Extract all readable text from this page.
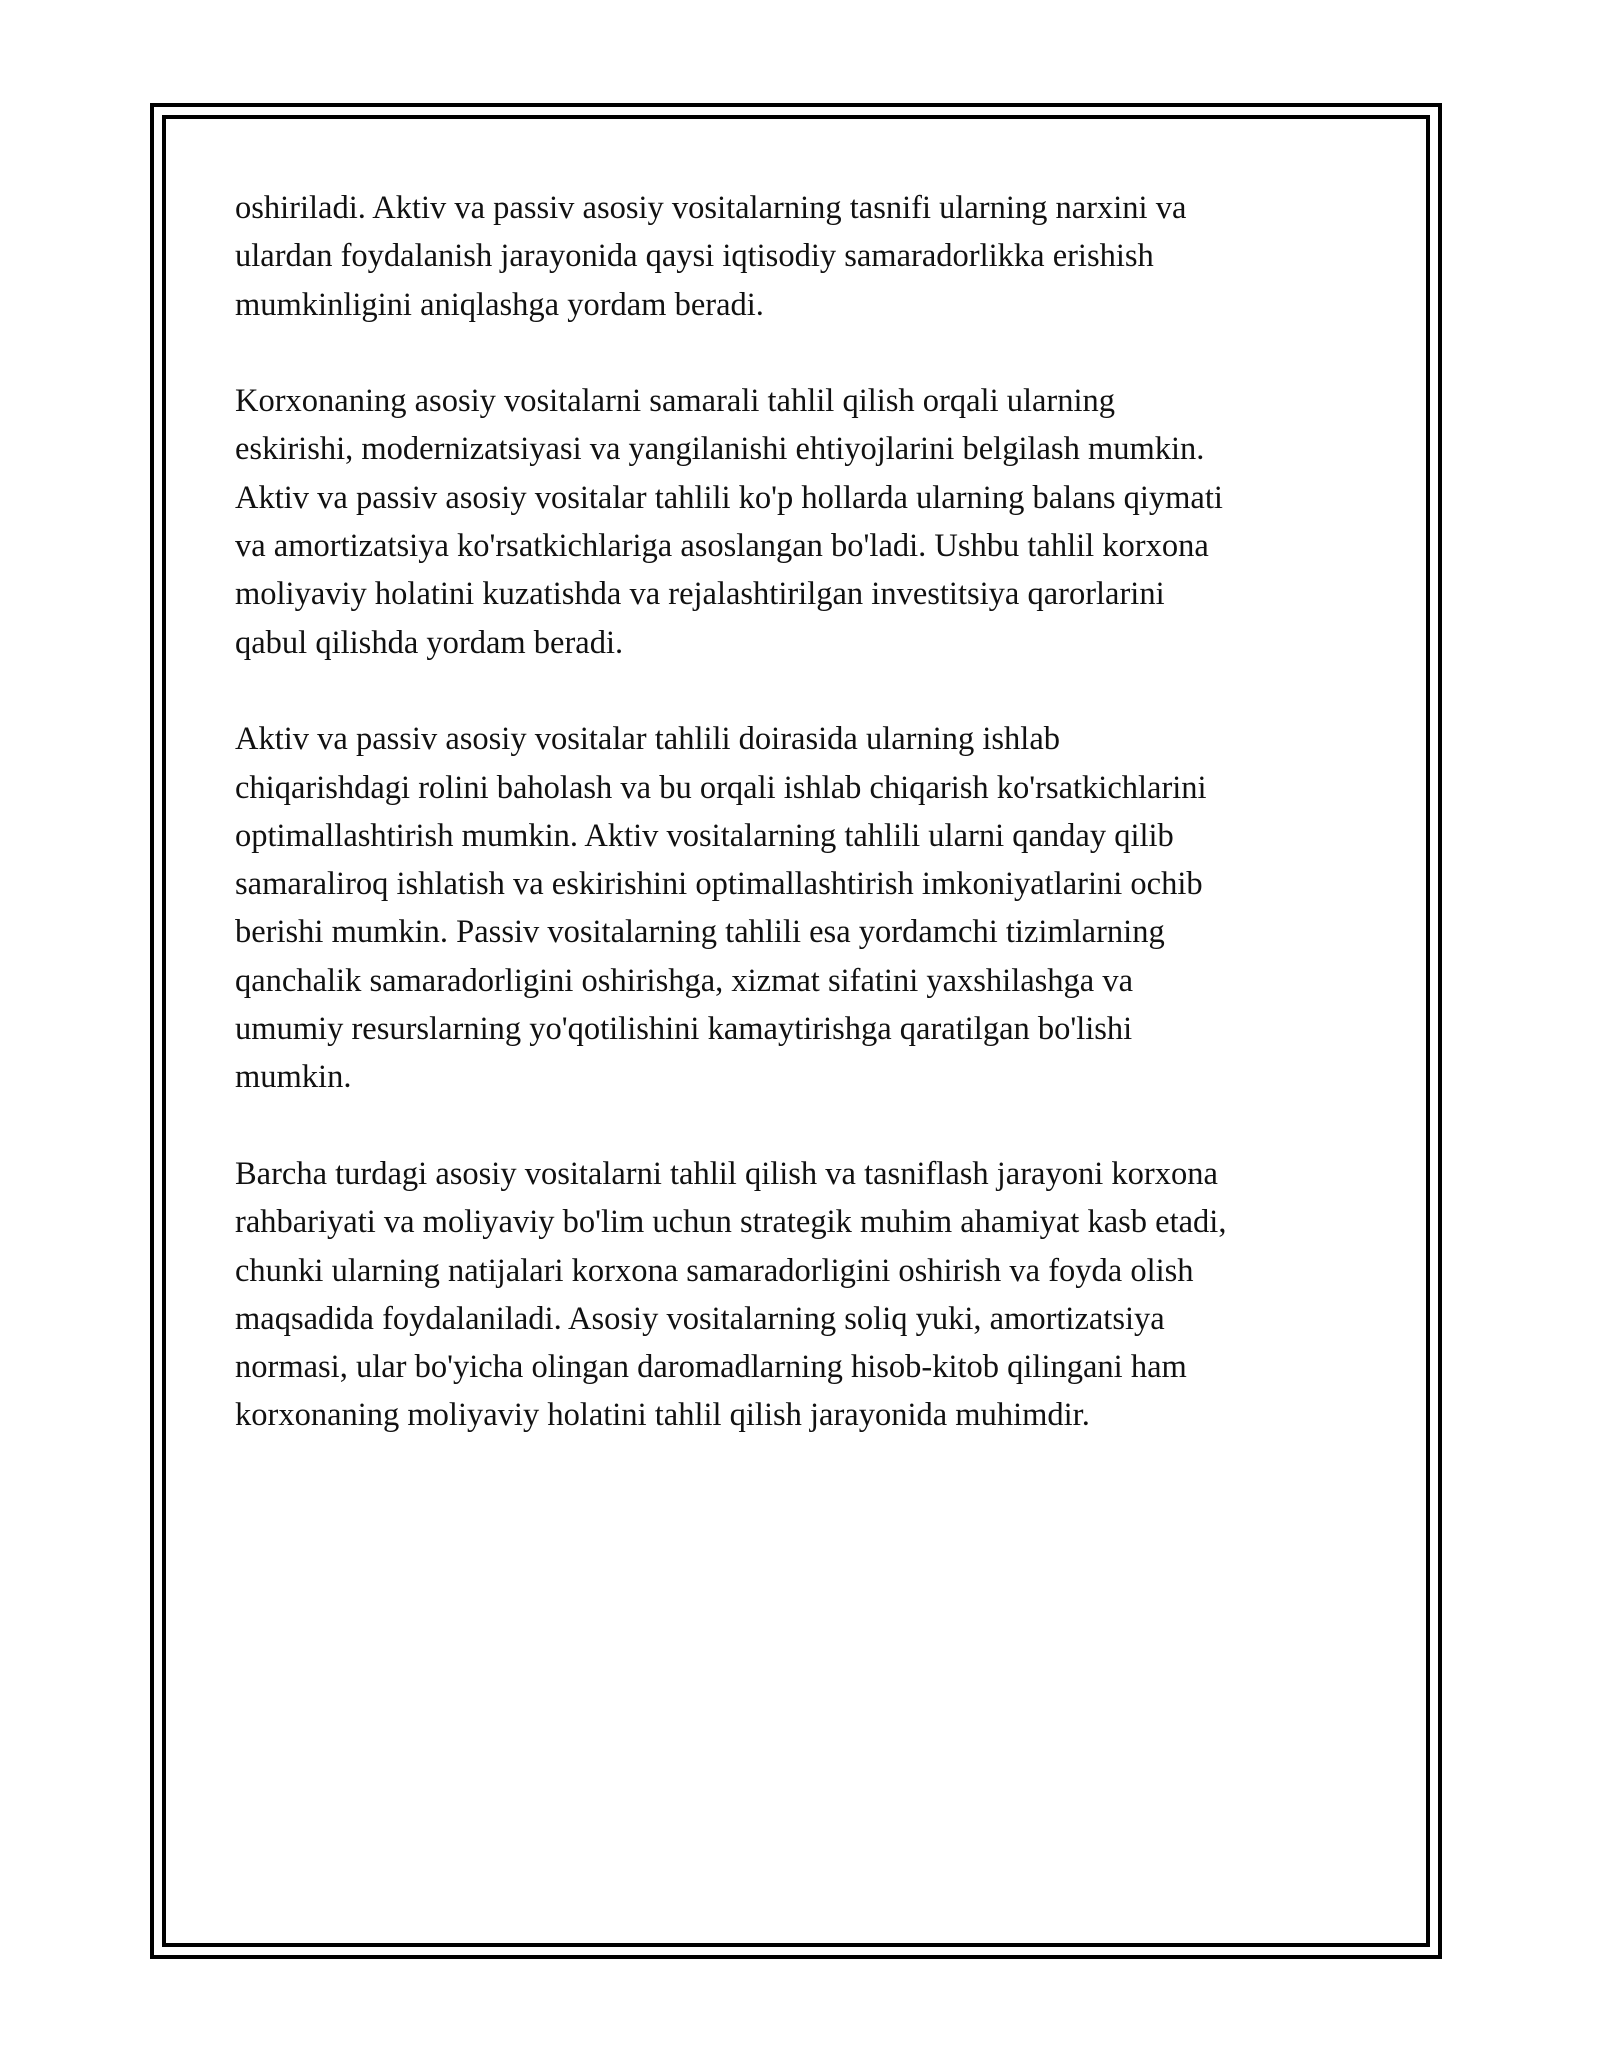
oshiriladi. Aktiv va passiv asosiy vositalarning tasnifi ularning narxini va
ulardan foydalanish jarayonida qaysi iqtisodiy samaradorlikka erishish
mumkinligini aniqlashga yordam beradi.

Korxonaning asosiy vositalarni samarali tahlil qilish orqali ularning
eskirishi, modernizatsiyasi va yangilanishi ehtiyojlarini belgilash mumkin.
Aktiv va passiv asosiy vositalar tahlili ko'p hollarda ularning balans qiymati
va amortizatsiya ko'rsatkichlariga asoslangan bo'ladi. Ushbu tahlil korxona
moliyaviy holatini kuzatishda va rejalashtirilgan investitsiya qarorlarini
qabul qilishda yordam beradi.

Aktiv va passiv asosiy vositalar tahlili doirasida ularning ishlab
chiqarishdagi rolini baholash va bu orqali ishlab chiqarish ko'rsatkichlarini
optimallashtirish mumkin. Aktiv vositalarning tahlili ularni qanday qilib
samaraliroq ishlatish va eskirishini optimallashtirish imkoniyatlarini ochib
berishi mumkin. Passiv vositalarning tahlili esa yordamchi tizimlarning
qanchalik samaradorligini oshirishga, xizmat sifatini yaxshilashga va
umumiy resurslarning yo'qotilishini kamaytirishga qaratilgan bo'lishi
mumkin.

Barcha turdagi asosiy vositalarni tahlil qilish va tasniflash jarayoni korxona
rahbariyati va moliyaviy bo'lim uchun strategik muhim ahamiyat kasb etadi,
chunki ularning natijalari korxona samaradorligini oshirish va foyda olish
maqsadida foydalaniladi. Asosiy vositalarning soliq yuki, amortizatsiya
normasi, ular bo'yicha olingan daromadlarning hisob-kitob qilingani ham
korxonaning moliyaviy holatini tahlil qilish jarayonida muhimdir.
